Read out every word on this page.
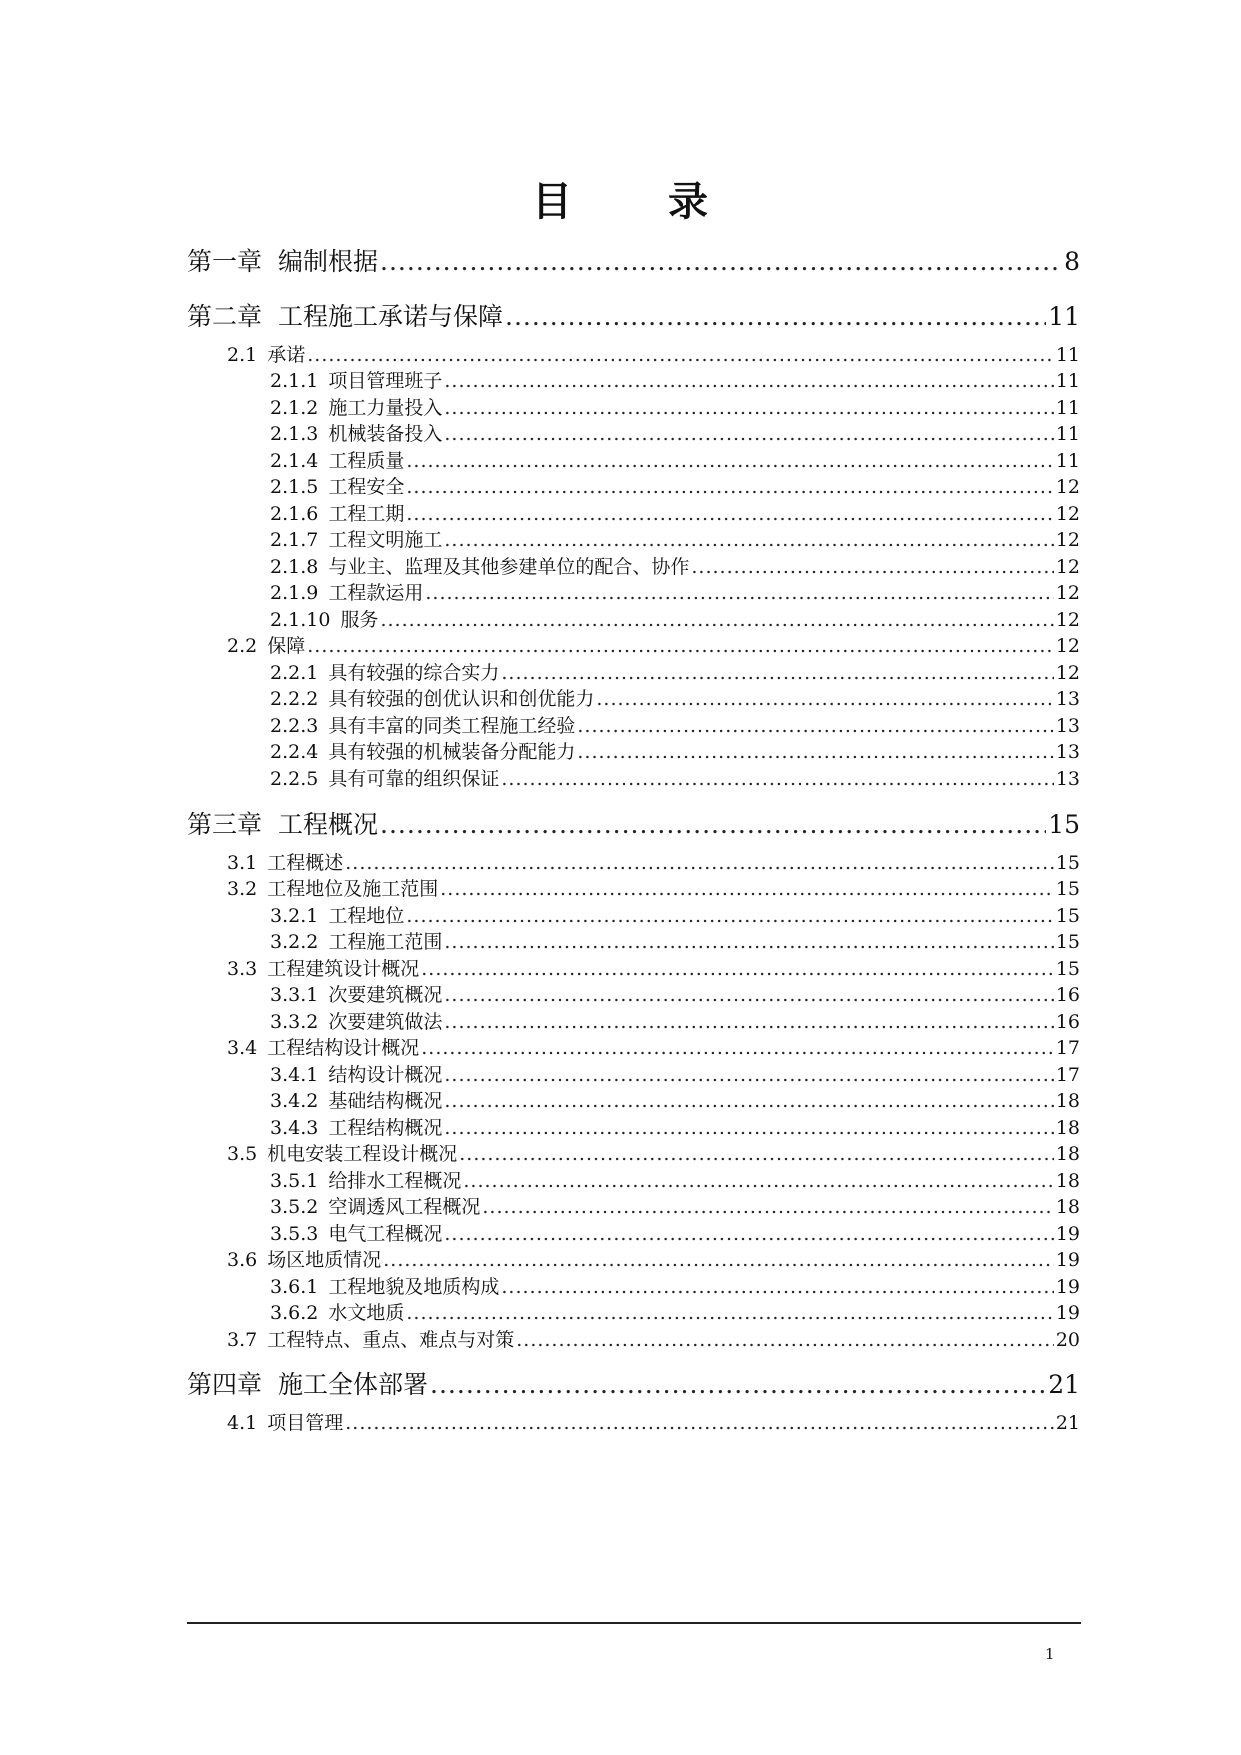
目 录
第一章 编制根据 .....	8
第二章 工程施工承诺与保障 .....	11
2.1 承诺 .....	11
2.1.1 项目管理班子 .....	11
2.1.2 施工力量投入 .....	11
2.1.3 机械装备投入 .....	11
2.1.4 工程质量 .....	11
2.1.5 工程安全 .....	12
2.1.6 工程工期 .....	12
2.1.7 工程文明施工 .....	12
2.1.8 与业主、监理及其他参建单位的配合、协作 .....	12
2.1.9 工程款运用 .....	12
2.1.10 服务 .....	12
2.2 保障 .....	12
2.2.1 具有较强的综合实力 .....	12
2.2.2 具有较强的创优认识和创优能力 .....	13
2.2.3 具有丰富的同类工程施工经验 .....	13
2.2.4 具有较强的机械装备分配能力 .....	13
2.2.5 具有可靠的组织保证 .....	13
第三章 工程概况 .....	15
3.1 工程概述 .....	15
3.2 工程地位及施工范围 .....	15
3.2.1 工程地位 .....	15
3.2.2 工程施工范围 .....	15
3.3 工程建筑设计概况 .....	15
3.3.1 次要建筑概况 .....	16
3.3.2 次要建筑做法 .....	16
3.4 工程结构设计概况 .....	17
3.4.1 结构设计概况 .....	17
3.4.2 基础结构概况 .....	18
3.4.3 工程结构概况 .....	18
3.5 机电安装工程设计概况 .....	18
3.5.1 给排水工程概况 .....	18
3.5.2 空调透风工程概况 .....	18
3.5.3 电气工程概况 .....	19
3.6 场区地质情况 .....	19
3.6.1 工程地貌及地质构成 .....	19
3.6.2 水文地质 .....	19
3.7 工程特点、重点、难点与对策 .....	20
第四章 施工全体部署 .....	21
4.1 项目管理 .....	21
1
